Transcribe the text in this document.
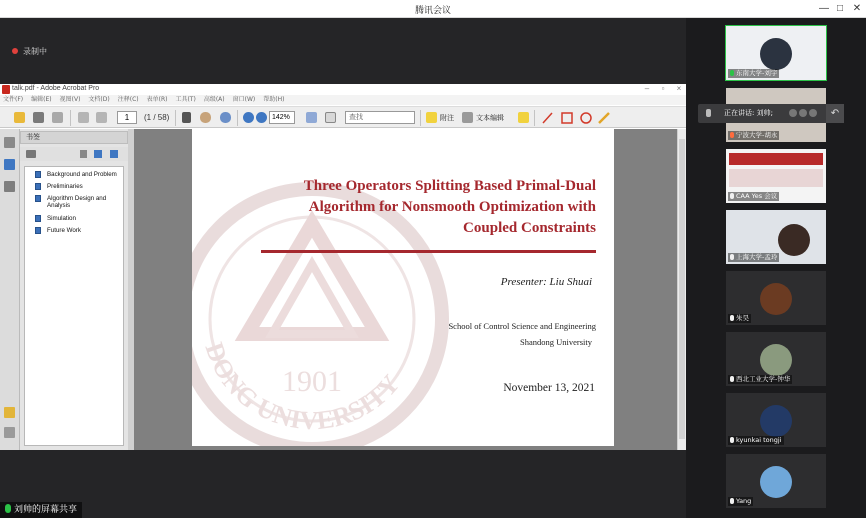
腾讯会议	— □ ✕
录制中
talk.pdf - Adobe Acrobat Pro	–	▫	×
文件(F) 编辑(E) 视图(V) 文档(D) 注释(C) 表单(R) 工具(T) 高级(A) 窗口(W) 帮助(H)
1	(1 / 58)	142%	查找	附注	文本编辑
书签
Background and Problem
Preliminaries
Algorithm Design and Analysis
Simulation
Future Work
1901
DONG UNIVERSITY
Three Operators Splitting Based Primal-Dual
Algorithm for Nonsmooth Optimization with
Coupled Constraints
Presenter: Liu Shuai
School of Control Science and Engineering
Shandong University
November 13, 2021
刘帅的屏幕共享
东南大学-刘宇
宁波大学-胡永
CAA Yes 会议
上海大学-孟玲
朱昊
西北工业大学-钟华
kyunkai tongji
Yang
正在讲话: 刘帅;	↶
